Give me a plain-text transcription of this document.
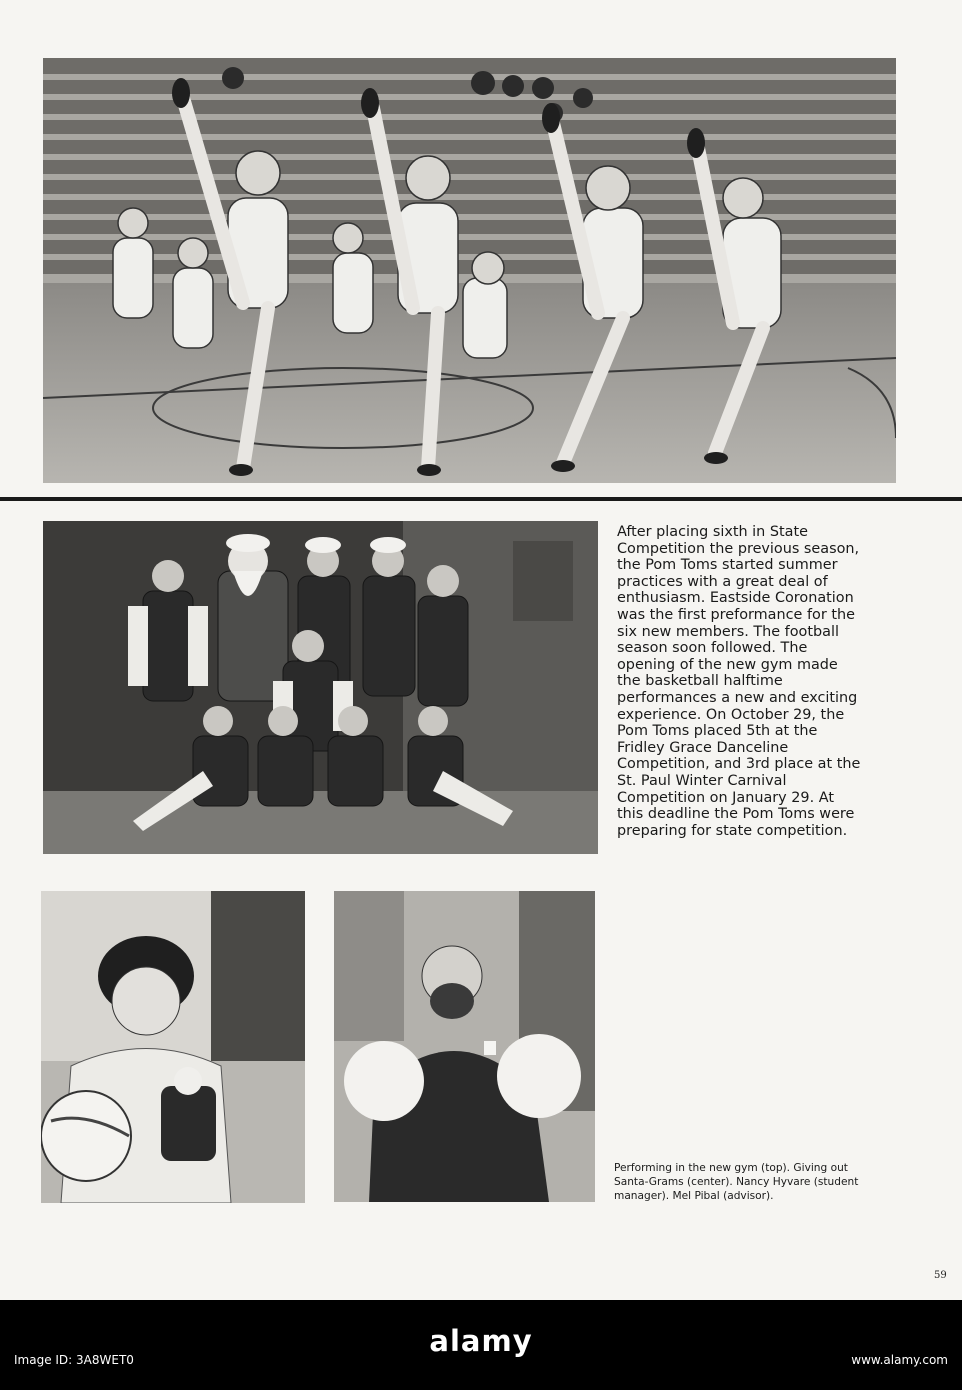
After placing sixth in State
Competition the previous season,
the Pom Toms started summer
practices with a great deal of
enthusiasm. Eastside Coronation
was the first preformance for the
six new members. The football
season soon followed. The
opening of the new gym made
the basketball halftime
performances a new and exciting
experience. On October 29, the
Pom Toms placed 5th at the
Fridley Grace Danceline
Competition, and 3rd place at the
St. Paul Winter Carnival
Competition on January 29. At
this deadline the Pom Toms were
preparing for state competition.

Performing in the new gym (top). Giving out
Santa-Grams (center). Nancy Hyvare (student
manager). Mel Pibal (advisor).

59
alamy
Image ID: 3A8WET0	www.alamy.com
